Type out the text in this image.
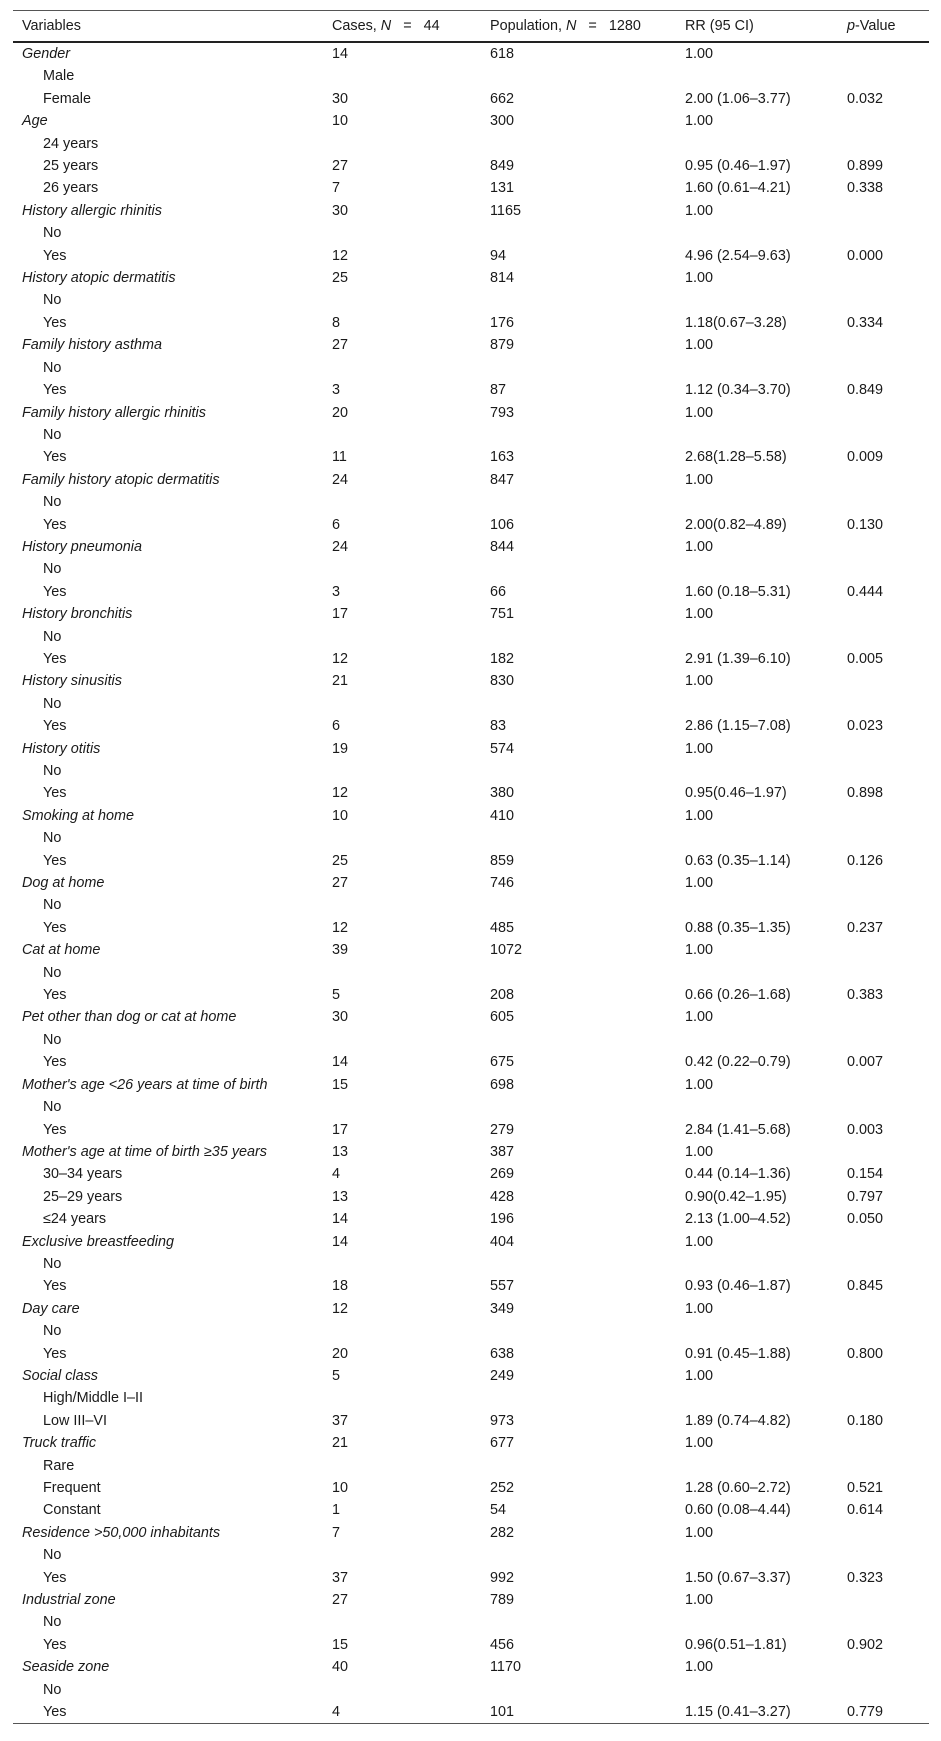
Variables	Cases, N = 44	Population, N = 1280	RR (95 CI)	p-Value
Gender	14	618	1.00	
Male				
Female	30	662	2.00 (1.06–3.77)	0.032
Age	10	300	1.00	
24 years				
25 years	27	849	0.95 (0.46–1.97)	0.899
26 years	7	131	1.60 (0.61–4.21)	0.338
History allergic rhinitis	30	1165	1.00	
No				
Yes	12	94	4.96 (2.54–9.63)	0.000
History atopic dermatitis	25	814	1.00	
No				
Yes	8	176	1.18(0.67–3.28)	0.334
Family history asthma	27	879	1.00	
No				
Yes	3	87	1.12 (0.34–3.70)	0.849
Family history allergic rhinitis	20	793	1.00	
No				
Yes	11	163	2.68(1.28–5.58)	0.009
Family history atopic dermatitis	24	847	1.00	
No				
Yes	6	106	2.00(0.82–4.89)	0.130
History pneumonia	24	844	1.00	
No				
Yes	3	66	1.60 (0.18–5.31)	0.444
History bronchitis	17	751	1.00	
No				
Yes	12	182	2.91 (1.39–6.10)	0.005
History sinusitis	21	830	1.00	
No				
Yes	6	83	2.86 (1.15–7.08)	0.023
History otitis	19	574	1.00	
No				
Yes	12	380	0.95(0.46–1.97)	0.898
Smoking at home	10	410	1.00	
No				
Yes	25	859	0.63 (0.35–1.14)	0.126
Dog at home	27	746	1.00	
No				
Yes	12	485	0.88 (0.35–1.35)	0.237
Cat at home	39	1072	1.00	
No				
Yes	5	208	0.66 (0.26–1.68)	0.383
Pet other than dog or cat at home	30	605	1.00	
No				
Yes	14	675	0.42 (0.22–0.79)	0.007
Mother's age <26 years at time of birth	15	698	1.00	
No				
Yes	17	279	2.84 (1.41–5.68)	0.003
Mother's age at time of birth ≥35 years	13	387	1.00	
30–34 years	4	269	0.44 (0.14–1.36)	0.154
25–29 years	13	428	0.90(0.42–1.95)	0.797
≤24 years	14	196	2.13 (1.00–4.52)	0.050
Exclusive breastfeeding	14	404	1.00	
No				
Yes	18	557	0.93 (0.46–1.87)	0.845
Day care	12	349	1.00	
No				
Yes	20	638	0.91 (0.45–1.88)	0.800
Social class	5	249	1.00	
High/Middle I–II				
Low III–VI	37	973	1.89 (0.74–4.82)	0.180
Truck traffic	21	677	1.00	
Rare				
Frequent	10	252	1.28 (0.60–2.72)	0.521
Constant	1	54	0.60 (0.08–4.44)	0.614
Residence >50,000 inhabitants	7	282	1.00	
No				
Yes	37	992	1.50 (0.67–3.37)	0.323
Industrial zone	27	789	1.00	
No				
Yes	15	456	0.96(0.51–1.81)	0.902
Seaside zone	40	1170	1.00	
No				
Yes	4	101	1.15 (0.41–3.27)	0.779
